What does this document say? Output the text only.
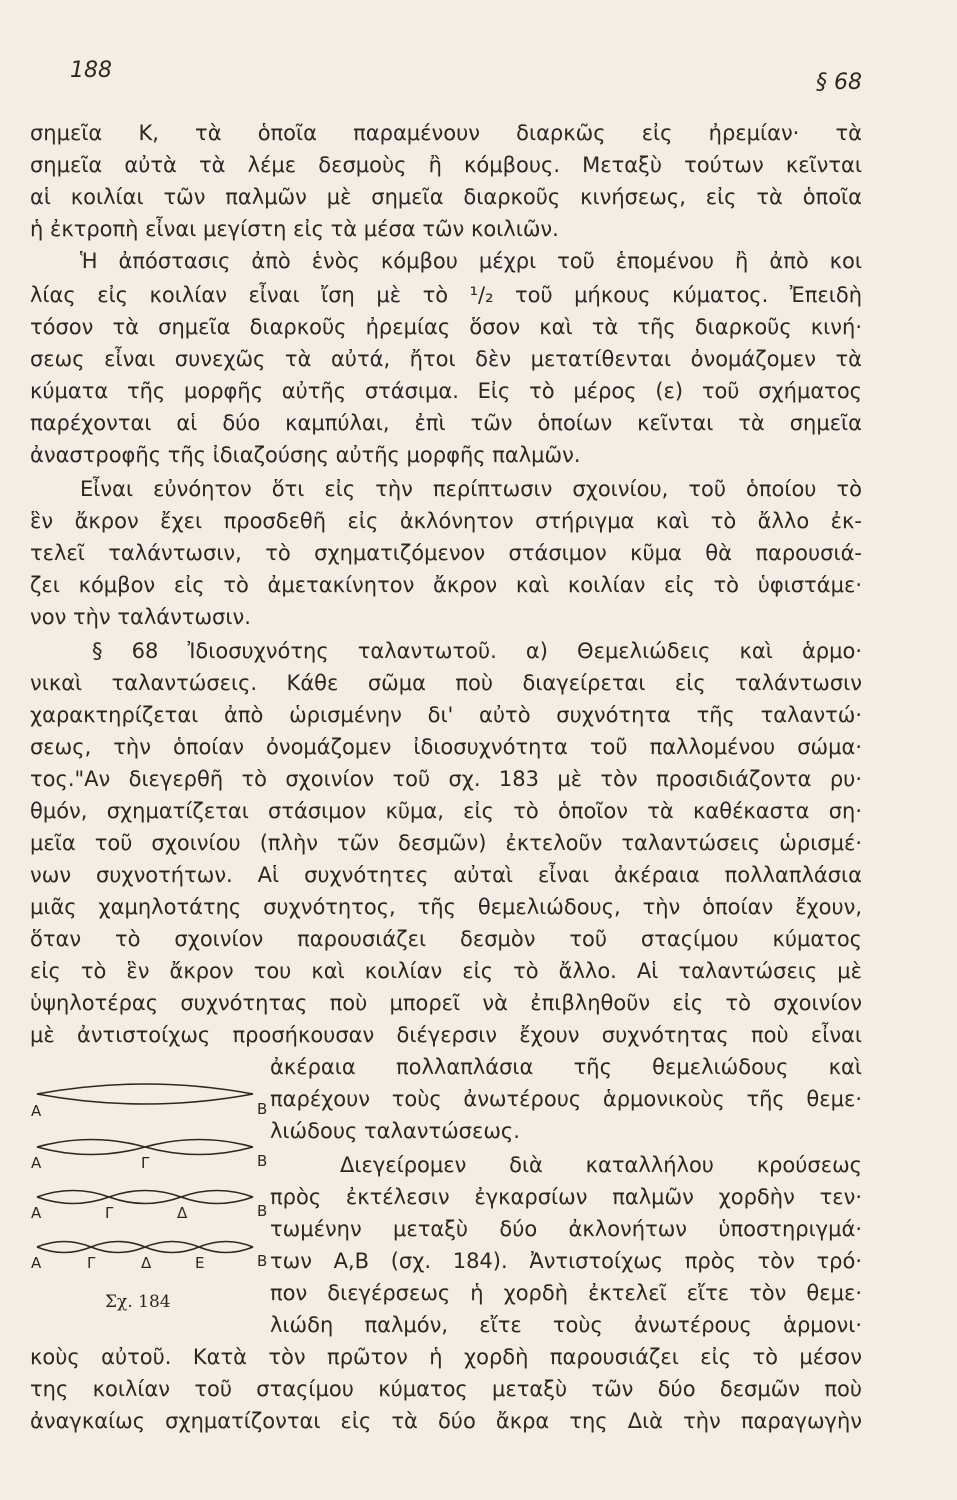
188	§ 68
σημεῖα Κ, τὰ ὁποῖα παραμένουν διαρκῶς εἰς ἠρεμίαν· τὰ
σημεῖα αὐτὰ τὰ λέμε δεσμοὺς ἢ κόμβους. Μεταξὺ τούτων κεῖνται
αἱ κοιλίαι τῶν παλμῶν μὲ σημεῖα διαρκοῦς κινήσεως, εἰς τὰ ὁποῖα
ἡ ἐκτροπὴ εἶναι μεγίστη εἰς τὰ μέσα τῶν κοιλιῶν.
Ἡ ἀπόστασις ἀπὸ ἑνὸς κόμβου μέχρι τοῦ ἑπομένου ἢ ἀπὸ κοι
λίας εἰς κοιλίαν εἶναι ἴση μὲ τὸ ¹/₂ τοῦ μήκους κύματος. Ἐπειδὴ
τόσον τὰ σημεῖα διαρκοῦς ἠρεμίας ὅσον καὶ τὰ τῆς διαρκοῦς κινή·
σεως εἶναι συνεχῶς τὰ αὐτά, ἤτοι δὲν μετατίθενται ὀνομάζομεν τὰ
κύματα τῆς μορφῆς αὐτῆς στάσιμα. Εἰς τὸ μέρος (ε) τοῦ σχήματος
παρέχονται αἱ δύο καμπύλαι, ἐπὶ τῶν ὁποίων κεῖνται τὰ σημεῖα
ἀναστροφῆς τῆς ἰδιαζούσης αὐτῆς μορφῆς παλμῶν.
Εἶναι εὐνόητον ὅτι εἰς τὴν περίπτωσιν σχοινίου, τοῦ ὁποίου τὸ
ἓν ἄκρον ἔχει προσδεθῆ εἰς ἀκλόνητον στήριγμα καὶ τὸ ἄλλο ἐκ-
τελεῖ ταλάντωσιν, τὸ σχηματιζόμενον στάσιμον κῦμα θὰ παρουσιά-
ζει κόμβον εἰς τὸ ἀμετακίνητον ἄκρον καὶ κοιλίαν εἰς τὸ ὑφιστάμε·
νον τὴν ταλάντωσιν.
§ 68 Ἰδιοσυχνότης ταλαντωτοῦ. α) Θεμελιώδεις καὶ ἁρμο·
νικαὶ ταλαντώσεις. Κάθε σῶμα ποὺ διαγείρεται εἰς ταλάντωσιν
χαρακτηρίζεται ἀπὸ ὡρισμένην δι' αὐτὸ συχνότητα τῆς ταλαντώ·
σεως, τὴν ὁποίαν ὀνομάζομεν ἰδιοσυχνότητα τοῦ παλλομένου σώμα·
τος."Αν διεγερθῆ τὸ σχοινίον τοῦ σχ. 183 μὲ τὸν προσιδιάζοντα ρυ·
θμόν, σχηματίζεται στάσιμον κῦμα, εἰς τὸ ὁποῖον τὰ καθέκαστα ση·
μεῖα τοῦ σχοινίου (πλὴν τῶν δεσμῶν) ἐκτελοῦν ταλαντώσεις ὡρισμέ·
νων συχνοτήτων. Αἱ συχνότητες αὐταὶ εἶναι ἀκέραια πολλαπλάσια
μιᾶς χαμηλοτάτης συχνότητος, τῆς θεμελιώδους, τὴν ὁποίαν ἔχουν,
ὅταν τὸ σχοινίον παρουσιάζει δεσμὸν τοῦ σταςίμου κύματος
εἰς τὸ ἓν ἄκρον του καὶ κοιλίαν εἰς τὸ ἄλλο. Αἱ ταλαντώσεις μὲ
ὑψηλοτέρας συχνότητας ποὺ μπορεῖ νὰ ἐπιβληθοῦν εἰς τὸ σχοινίον
μὲ ἀντιστοίχως προσήκουσαν διέγερσιν ἔχουν συχνότητας ποὺ εἶναι
ἀκέραια πολλαπλάσια τῆς θεμελιώδους καὶ
παρέχουν τοὺς ἀνωτέρους ἁρμονικοὺς τῆς θεμε·
λιώδους ταλαντώσεως.
Διεγείρομεν διὰ καταλλήλου κρούσεως
πρὸς ἐκτέλεσιν ἐγκαρσίων παλμῶν χορδὴν τεν·
τωμένην μεταξὺ δύο ἀκλονήτων ὑποστηριγμά·
των Α,Β (σχ. 184). Ἀντιστοίχως πρὸς τὸν τρό·
πον διεγέρσεως ἡ χορδὴ ἐκτελεῖ εἴτε τὸν θεμε·
λιώδη παλμόν, εἴτε τοὺς ἀνωτέρους ἁρμονι·
κοὺς αὐτοῦ. Κατὰ τὸν πρῶτον ἡ χορδὴ παρουσιάζει εἰς τὸ μέσον
της κοιλίαν τοῦ σταςίμου κύματος μεταξὺ τῶν δύο δεσμῶν ποὺ
ἀναγκαίως σχηματίζονται εἰς τὰ δύο ἄκρα της Διὰ τὴν παραγωγὴν
Α	Β
Α	Γ	Β
Α	Γ	Δ	Β
Α	Γ	Δ	Ε	Β
Σχ. 184
